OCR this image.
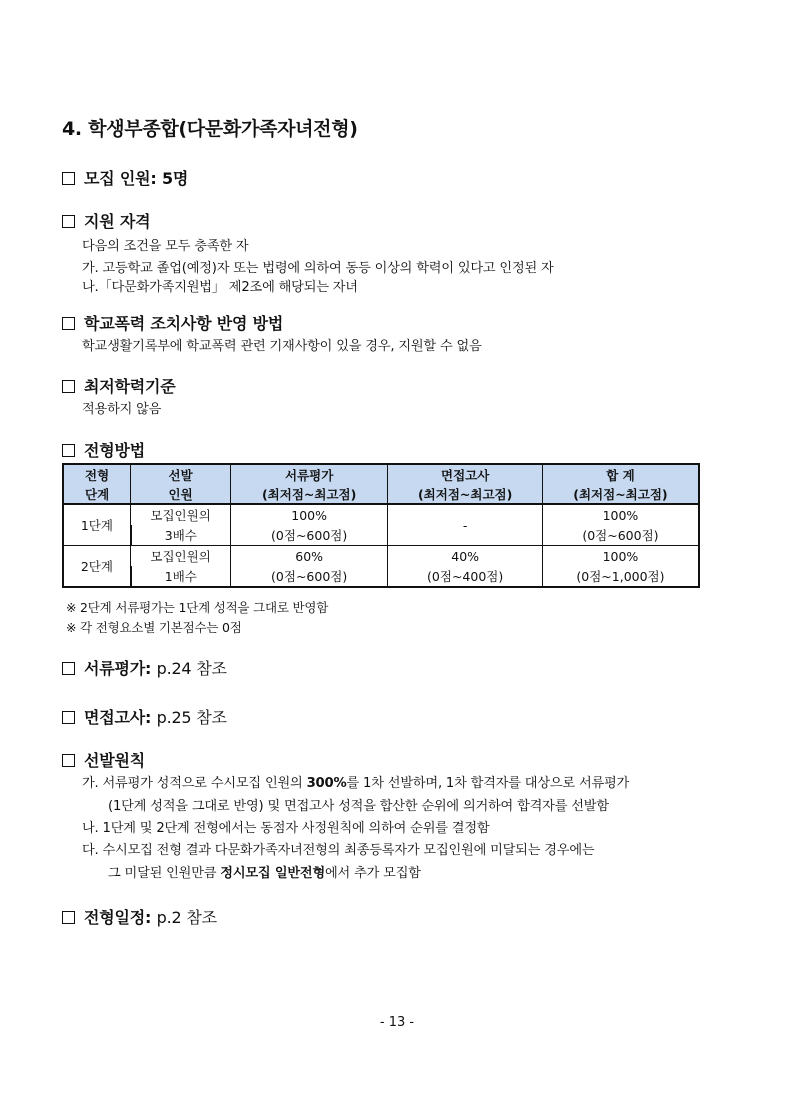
4. 학생부종합(다문화가족자녀전형)
모집 인원: 5명
지원 자격
다음의 조건을 모두 충족한 자
가. 고등학교 졸업(예정)자 또는 법령에 의하여 동등 이상의 학력이 있다고 인정된 자
나.「다문화가족지원법」 제2조에 해당되는 자녀
학교폭력 조치사항 반영 방법
학교생활기록부에 학교폭력 관련 기재사항이 있을 경우, 지원할 수 없음
최저학력기준
적용하지 않음
전형방법
전형	선발	서류평가	면접고사	합 계
단계	인원	(최저점~최고점)	(최저점~최고점)	(최저점~최고점)
1단계	모집인원의	100%	-	100%
	3배수	(0점~600점)		(0점~600점)
2단계	모집인원의	60%	40%	100%
	1배수	(0점~600점)	(0점~400점)	(0점~1,000점)
※ 2단계 서류평가는 1단계 성적을 그대로 반영함
※ 각 전형요소별 기본점수는 0점
서류평가: p.24 참조
면접고사: p.25 참조
선발원칙
가. 서류평가 성적으로 수시모집 인원의 300%를 1차 선발하며, 1차 합격자를 대상으로 서류평가
(1단계 성적을 그대로 반영) 및 면접고사 성적을 합산한 순위에 의거하여 합격자를 선발함
나. 1단계 및 2단계 전형에서는 동점자 사정원칙에 의하여 순위를 결정함
다. 수시모집 전형 결과 다문화가족자녀전형의 최종등록자가 모집인원에 미달되는 경우에는
그 미달된 인원만큼 정시모집 일반전형에서 추가 모집함
전형일정: p.2 참조
- 13 -
